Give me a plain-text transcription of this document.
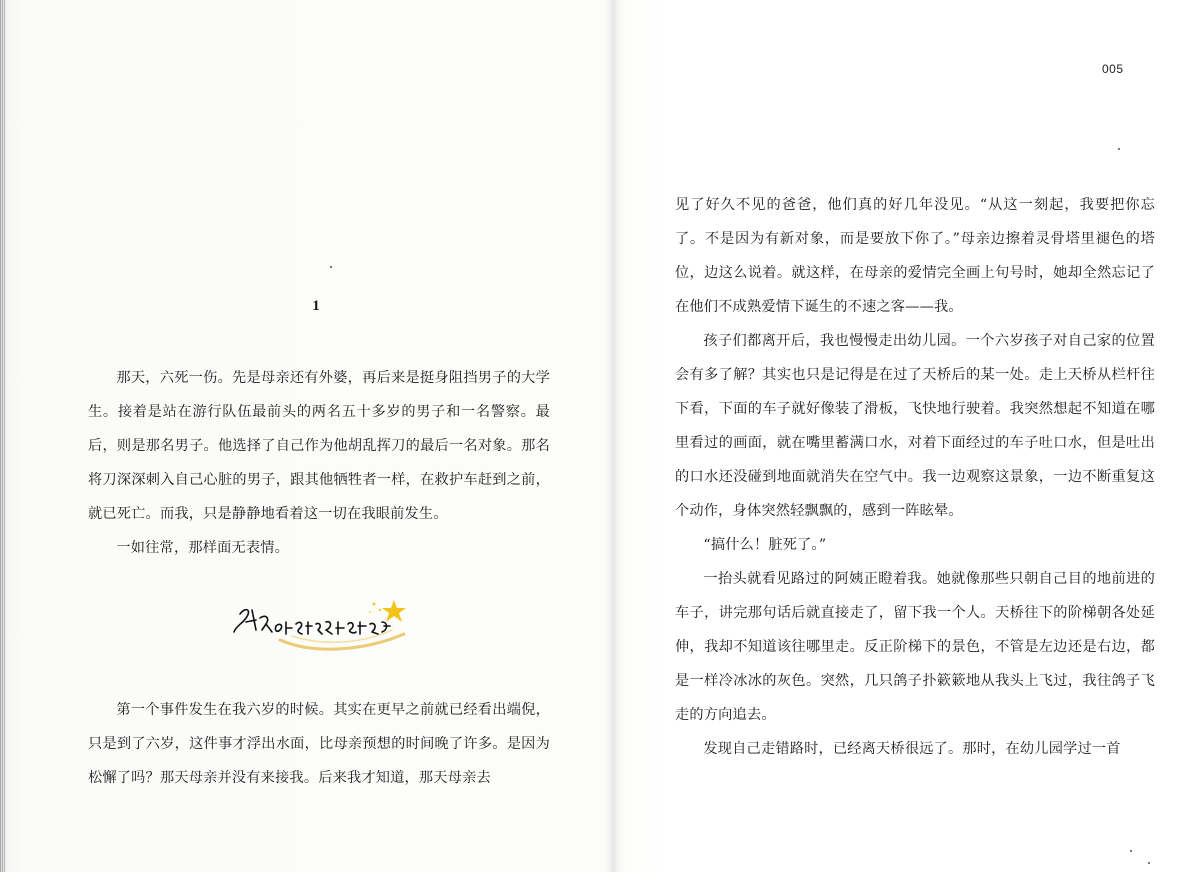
005
1

那天，六死一伤。先是母亲还有外婆，再后来是挺身阻挡男子的大学生。接着是站在游行队伍最前头的两名五十多岁的男子和一名警察。最后，则是那名男子。他选择了自己作为他胡乱挥刀的最后一名对象。那名将刀深深刺入自己心脏的男子，跟其他牺牲者一样，在救护车赶到之前，就已死亡。而我，只是静静地看着这一切在我眼前发生。

一如往常，那样面无表情。

第一个事件发生在我六岁的时候。其实在更早之前就已经看出端倪，只是到了六岁，这件事才浮出水面，比母亲预想的时间晚了许多。是因为松懈了吗？那天母亲并没有来接我。后来我才知道，那天母亲去

见了好久不见的爸爸，他们真的好几年没见。“从这一刻起，我要把你忘了。不是因为有新对象，而是要放下你了。”母亲边擦着灵骨塔里褪色的塔位，边这么说着。就这样，在母亲的爱情完全画上句号时，她却全然忘记了在他们不成熟爱情下诞生的不速之客——我。

孩子们都离开后，我也慢慢走出幼儿园。一个六岁孩子对自己家的位置会有多了解？其实也只是记得是在过了天桥后的某一处。走上天桥从栏杆往下看，下面的车子就好像装了滑板，飞快地行驶着。我突然想起不知道在哪里看过的画面，就在嘴里蓄满口水，对着下面经过的车子吐口水，但是吐出的口水还没碰到地面就消失在空气中。我一边观察这景象，一边不断重复这个动作，身体突然轻飘飘的，感到一阵眩晕。

“搞什么！脏死了。”

一抬头就看见路过的阿姨正瞪着我。她就像那些只朝自己目的地前进的车子，讲完那句话后就直接走了，留下我一个人。天桥往下的阶梯朝各处延伸，我却不知道该往哪里走。反正阶梯下的景色，不管是左边还是右边，都是一样冷冰冰的灰色。突然，几只鸽子扑簌簌地从我头上飞过，我往鸽子飞走的方向追去。

发现自己走错路时，已经离天桥很远了。那时，在幼儿园学过一首
